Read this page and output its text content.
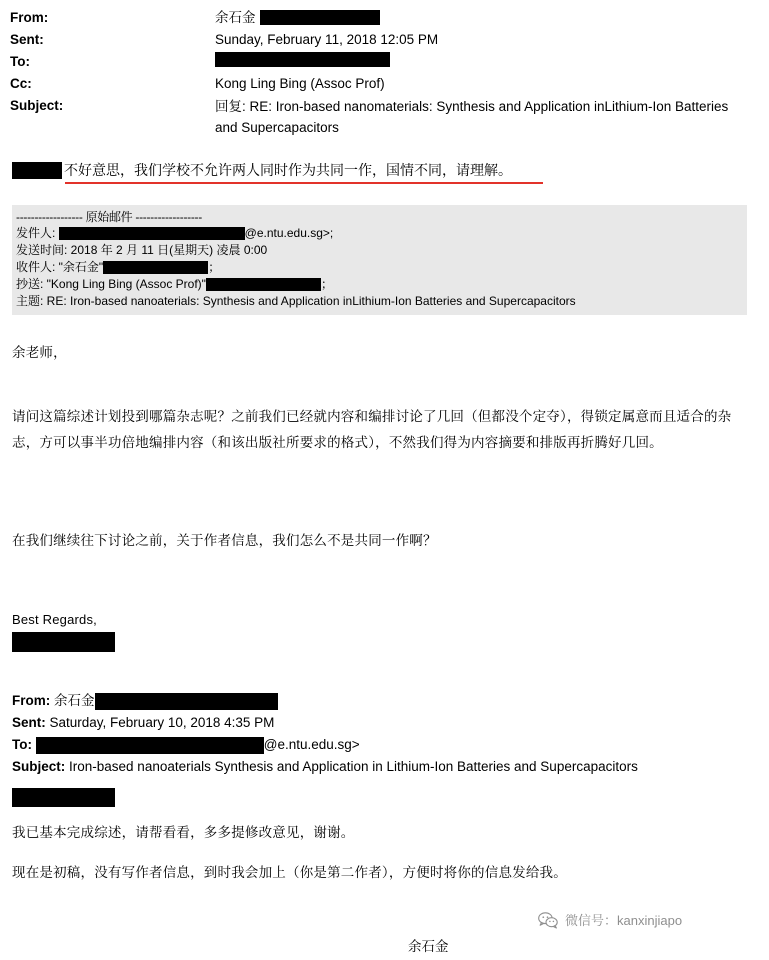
From:	余石金
Sent:	Sunday, February 11, 2018 12:05 PM
To:
Cc:	Kong Ling Bing (Assoc Prof)
Subject:	回复: RE: Iron-based nanomaterials: Synthesis and Application inLithium-Ion Batteries and Supercapacitors
不好意思，我们学校不允许两人同时作为共同一作，国情不同，请理解。
------------------ 原始邮件 ------------------
发件人:	@e.ntu.edu.sg>;
发送时间: 2018 年 2 月 11 日(星期天) 凌晨 0:00
收件人: "余石金"	；
抄送: "Kong Ling Bing (Assoc Prof)"	；
主题: RE: Iron-based nanoaterials: Synthesis and Application inLithium-Ion Batteries and Supercapacitors
余老师，
请问这篇综述计划投到哪篇杂志呢？之前我们已经就内容和编排讨论了几回（但都没个定夺），得锁定属意而且适合的杂志，方可以事半功倍地编排内容（和该出版社所要求的格式），不然我们得为内容摘要和排版再折腾好几回。
在我们继续往下讨论之前，关于作者信息，我们怎么不是共同一作啊？
Best Regards,
From: 余石金
Sent: Saturday, February 10, 2018 4:35 PM
To:	@e.ntu.edu.sg>
Subject: Iron-based nanoaterials Synthesis and Application in Lithium-Ion Batteries and Supercapacitors
我已基本完成综述，请帮看看，多多提修改意见，谢谢。
现在是初稿，没有写作者信息，到时我会加上（你是第二作者），方便时将你的信息发给我。
余石金
微信号：kanxinjiapo
